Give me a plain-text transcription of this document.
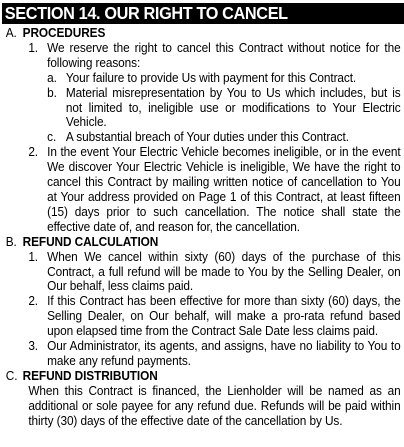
SECTION 14. OUR RIGHT TO CANCEL
A. PROCEDURES
1. We reserve the right to cancel this Contract without notice for the following reasons:
a. Your failure to provide Us with payment for this Contract.
b. Material misrepresentation by You to Us which includes, but is not limited to, ineligible use or modifications to Your Electric Vehicle.
c. A substantial breach of Your duties under this Contract.
2. In the event Your Electric Vehicle becomes ineligible, or in the event We discover Your Electric Vehicle is ineligible, We have the right to cancel this Contract by mailing written notice of cancellation to You at Your address provided on Page 1 of this Contract, at least fifteen (15) days prior to such cancellation. The notice shall state the effective date of, and reason for, the cancellation.
B. REFUND CALCULATION
1. When We cancel within sixty (60) days of the purchase of this Contract, a full refund will be made to You by the Selling Dealer, on Our behalf, less claims paid.
2. If this Contract has been effective for more than sixty (60) days, the Selling Dealer, on Our behalf, will make a pro-rata refund based upon elapsed time from the Contract Sale Date less claims paid.
3. Our Administrator, its agents, and assigns, have no liability to You to make any refund payments.
C. REFUND DISTRIBUTION
When this Contract is financed, the Lienholder will be named as an additional or sole payee for any refund due. Refunds will be paid within thirty (30) days of the effective date of the cancellation by Us.
